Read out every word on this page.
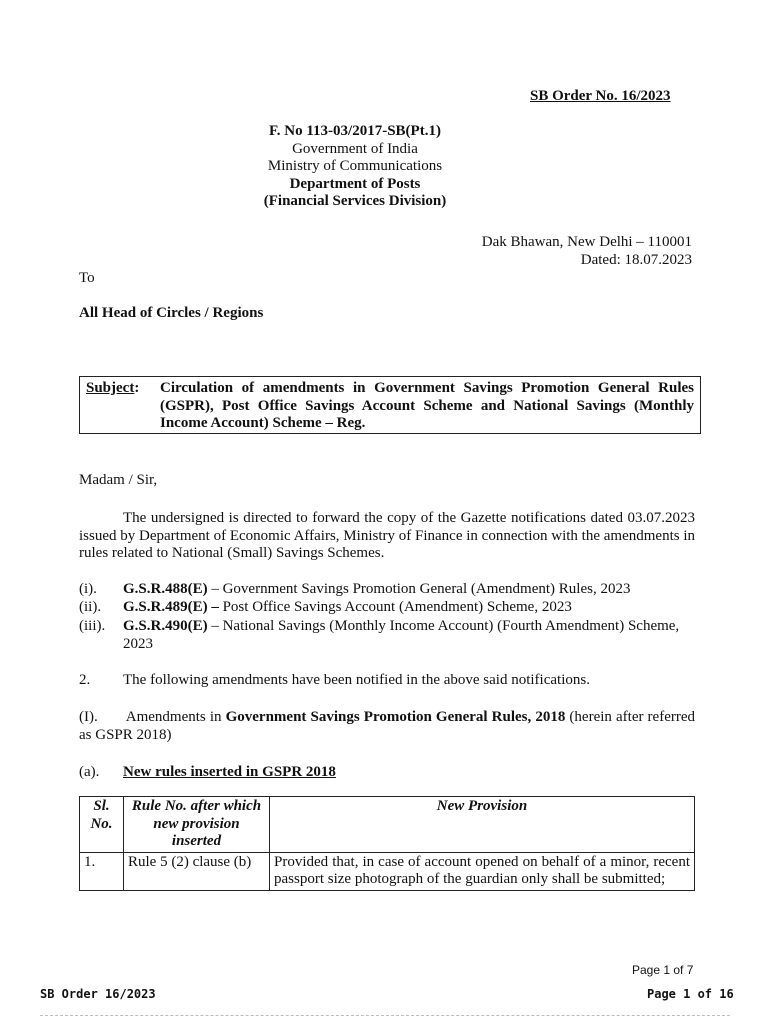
SB Order No. 16/2023
F. No 113-03/2017-SB(Pt.1)
Government of India
Ministry of Communications
Department of Posts
(Financial Services Division)
Dak Bhawan, New Delhi – 110001
Dated: 18.07.2023
To
All Head of Circles / Regions
Subject: Circulation of amendments in Government Savings Promotion General Rules (GSPR), Post Office Savings Account Scheme and National Savings (Monthly Income Account) Scheme – Reg.
Madam / Sir,
The undersigned is directed to forward the copy of the Gazette notifications dated 03.07.2023 issued by Department of Economic Affairs, Ministry of Finance in connection with the amendments in rules related to National (Small) Savings Schemes.
(i). G.S.R.488(E) – Government Savings Promotion General (Amendment) Rules, 2023
(ii). G.S.R.489(E) – Post Office Savings Account (Amendment) Scheme, 2023
(iii). G.S.R.490(E) – National Savings (Monthly Income Account) (Fourth Amendment) Scheme, 2023
2. The following amendments have been notified in the above said notifications.
(I). Amendments in Government Savings Promotion General Rules, 2018 (herein after referred as GSPR 2018)
(a). New rules inserted in GSPR 2018
Sl. No.	Rule No. after which new provision inserted	New Provision
1.	Rule 5 (2) clause (b)	Provided that, in case of account opened on behalf of a minor, recent passport size photograph of the guardian only shall be submitted;
Page 1 of 7
SB Order 16/2023	Page 1 of 16
